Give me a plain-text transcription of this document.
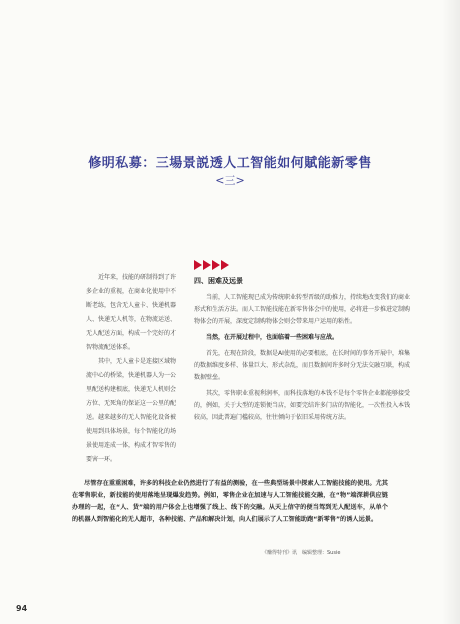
修明私募：三場景説透人工智能如何賦能新零售
<三>

近年来，技能的研制得到了许多企业的重视，在商业化使用中不断老练，包含无人童卡、快递机器人、快递无人机等，在物流运送、无人配送方面，构成一个完好的才智物流配送体系。

其中，无人童卡是连接区域物流中心的桥梁，快递机器人为一公里配送构建根底，快递无人机则会方位、无死角的保证这一公里的配送。越来越多的无人智能化设备被使用到具体场景，每个智能化的场景使用连成一体，构成才智零售的要害一环。

四、困难及远景

当前，人工智能现已成为传统职业转型晋级的助推力，持续地改变我们的商业形式和生活方法。而人工智能技能在新零售体会中的使用，必将进一步推进定制购物体会的开展，深度定制购物体会则会带来用户运用的粘性。

当然，在开展过程中，也面临着一些困难与应战。

首先，在现在阶段，数据是AI使用的必要根底，在长时间的事务开展中，堆集的数据维度多样、体量巨大、形式杂乱，而且数据间许多时分无法交融互联，构成数据壁垒。

其次，零售职业重视利润率，而科技落地的本钱不是每个零售企业都能够接受的，例如，关于大型的连锁便当店，如要完结许多门店的智能化，一次性投入本钱较高，因此普遍门槛较高，往往倾向于依旧采用传统方法。

尽管存在重重困难，许多的科技企业仍然进行了有益的测验，在一些典型场景中探索人工智能技能的使用。尤其在零售职业，新技能的使用落地呈现爆发趋势。例如，零售企业在加速与人工智能技能交融，在“物”端深耕供应链办理的一起，在“人、货”端的用户体会上也增强了线上、线下的交融。从天上信守的便当驾到无人配送车，从单个的机器人到智能化的无人超市，各种技能、产品和解决计划，向人们展示了人工智能助跑“新零售”的诱人远景。

《赚得特刊》讯　编辑整理：Susie
94
